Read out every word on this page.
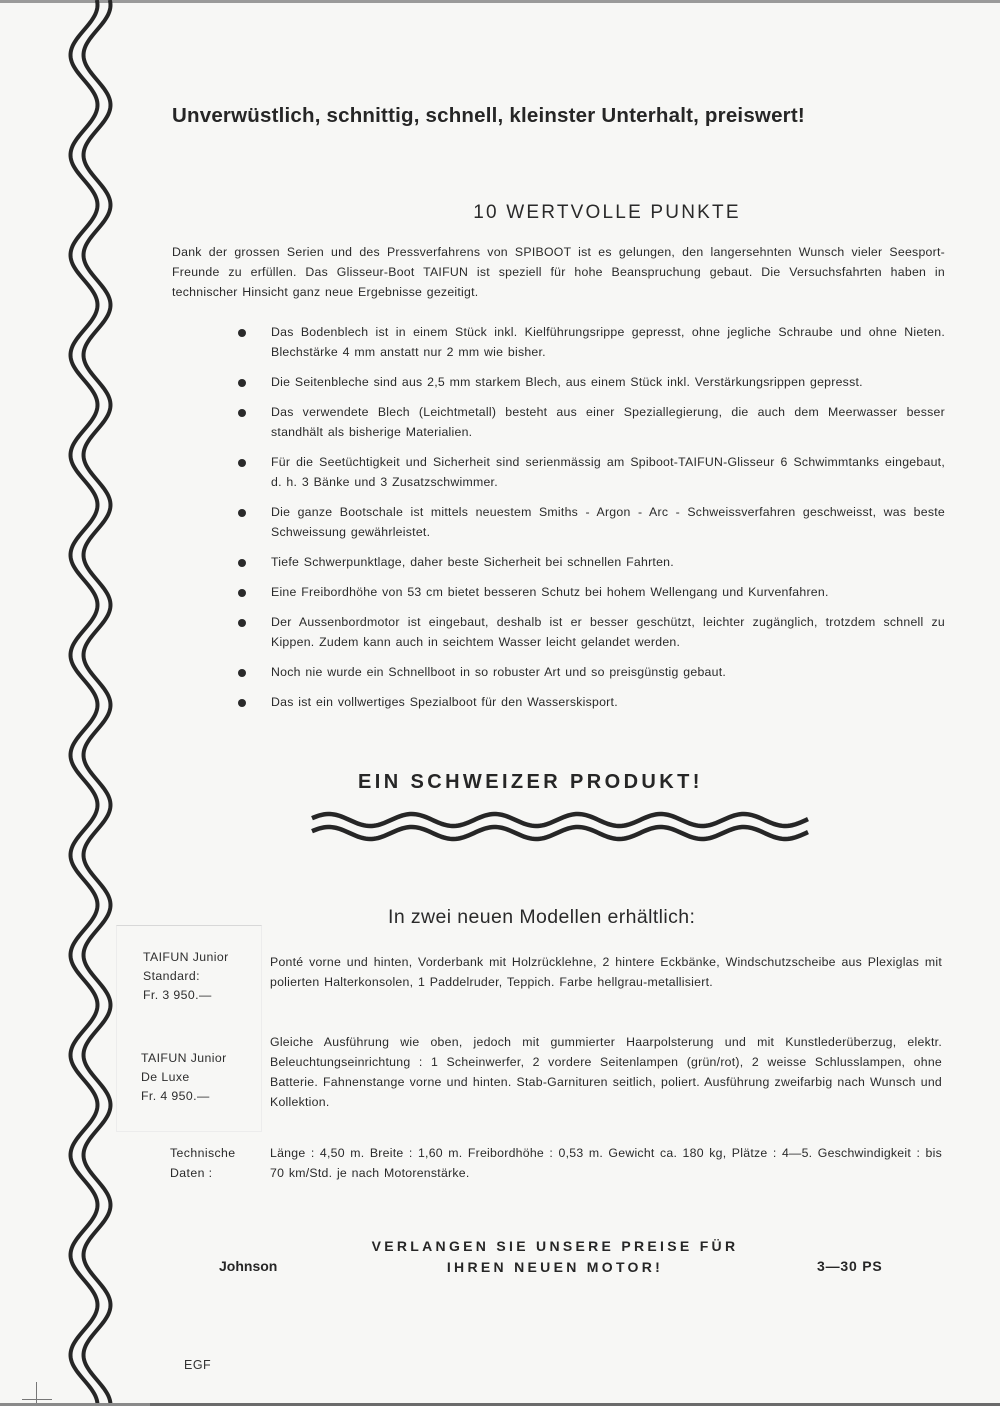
Unverwüstlich, schnittig, schnell, kleinster Unterhalt, preiswert!
10 WERTVOLLE PUNKTE

Dank der grossen Serien und des Pressverfahrens von SPIBOOT ist es gelungen, den langersehnten Wunsch vieler Seesport-Freunde zu erfüllen. Das Glisseur-Boot TAIFUN ist speziell für hohe Beanspruchung gebaut. Die Versuchsfahrten haben in technischer Hinsicht ganz neue Ergebnisse gezeitigt.

Das Bodenblech ist in einem Stück inkl. Kielführungsrippe gepresst, ohne jegliche Schraube und ohne Nieten. Blechstärke 4 mm anstatt nur 2 mm wie bisher.
Die Seitenbleche sind aus 2,5 mm starkem Blech, aus einem Stück inkl. Verstärkungsrippen gepresst.
Das verwendete Blech (Leichtmetall) besteht aus einer Speziallegierung, die auch dem Meerwasser besser standhält als bisherige Materialien.
Für die Seetüchtigkeit und Sicherheit sind serienmässig am Spiboot-TAIFUN-Glisseur 6 Schwimmtanks eingebaut, d. h. 3 Bänke und 3 Zusatzschwimmer.
Die ganze Bootschale ist mittels neuestem Smiths - Argon - Arc - Schweissverfahren geschweisst, was beste Schweissung gewährleistet.
Tiefe Schwerpunktlage, daher beste Sicherheit bei schnellen Fahrten.
Eine Freibordhöhe von 53 cm bietet besseren Schutz bei hohem Wellengang und Kurvenfahren.
Der Aussenbordmotor ist eingebaut, deshalb ist er besser geschützt, leichter zugänglich, trotzdem schnell zu Kippen. Zudem kann auch in seichtem Wasser leicht gelandet werden.
Noch nie wurde ein Schnellboot in so robuster Art und so preisgünstig gebaut.
Das ist ein vollwertiges Spezialboot für den Wasserskisport.
EIN SCHWEIZER PRODUKT!
In zwei neuen Modellen erhältlich:
TAIFUN Junior
Standard:
Fr. 3 950.—

Ponté vorne und hinten, Vorderbank mit Holzrücklehne, 2 hintere Eckbänke, Windschutzscheibe aus Plexiglas mit polierten Halterkonsolen, 1 Paddelruder, Teppich. Farbe hellgrau-metallisiert.

TAIFUN Junior
De Luxe
Fr. 4 950.—

Gleiche Ausführung wie oben, jedoch mit gummierter Haarpolsterung und mit Kunstlederüberzug, elektr. Beleuchtungseinrichtung : 1 Scheinwerfer, 2 vordere Seitenlampen (grün/rot), 2 weisse Schlusslampen, ohne Batterie. Fahnenstange vorne und hinten. Stab-Garnituren seitlich, poliert. Ausführung zweifarbig nach Wunsch und Kollektion.

Technische
Daten :

Länge : 4,50 m. Breite : 1,60 m. Freibordhöhe : 0,53 m. Gewicht ca. 180 kg, Plätze : 4—5. Geschwindigkeit : bis 70 km/Std. je nach Motorenstärke.

VERLANGEN SIE UNSERE PREISE FÜR
IHREN NEUEN MOTOR!
Johnson	3—30 PS
EGF
